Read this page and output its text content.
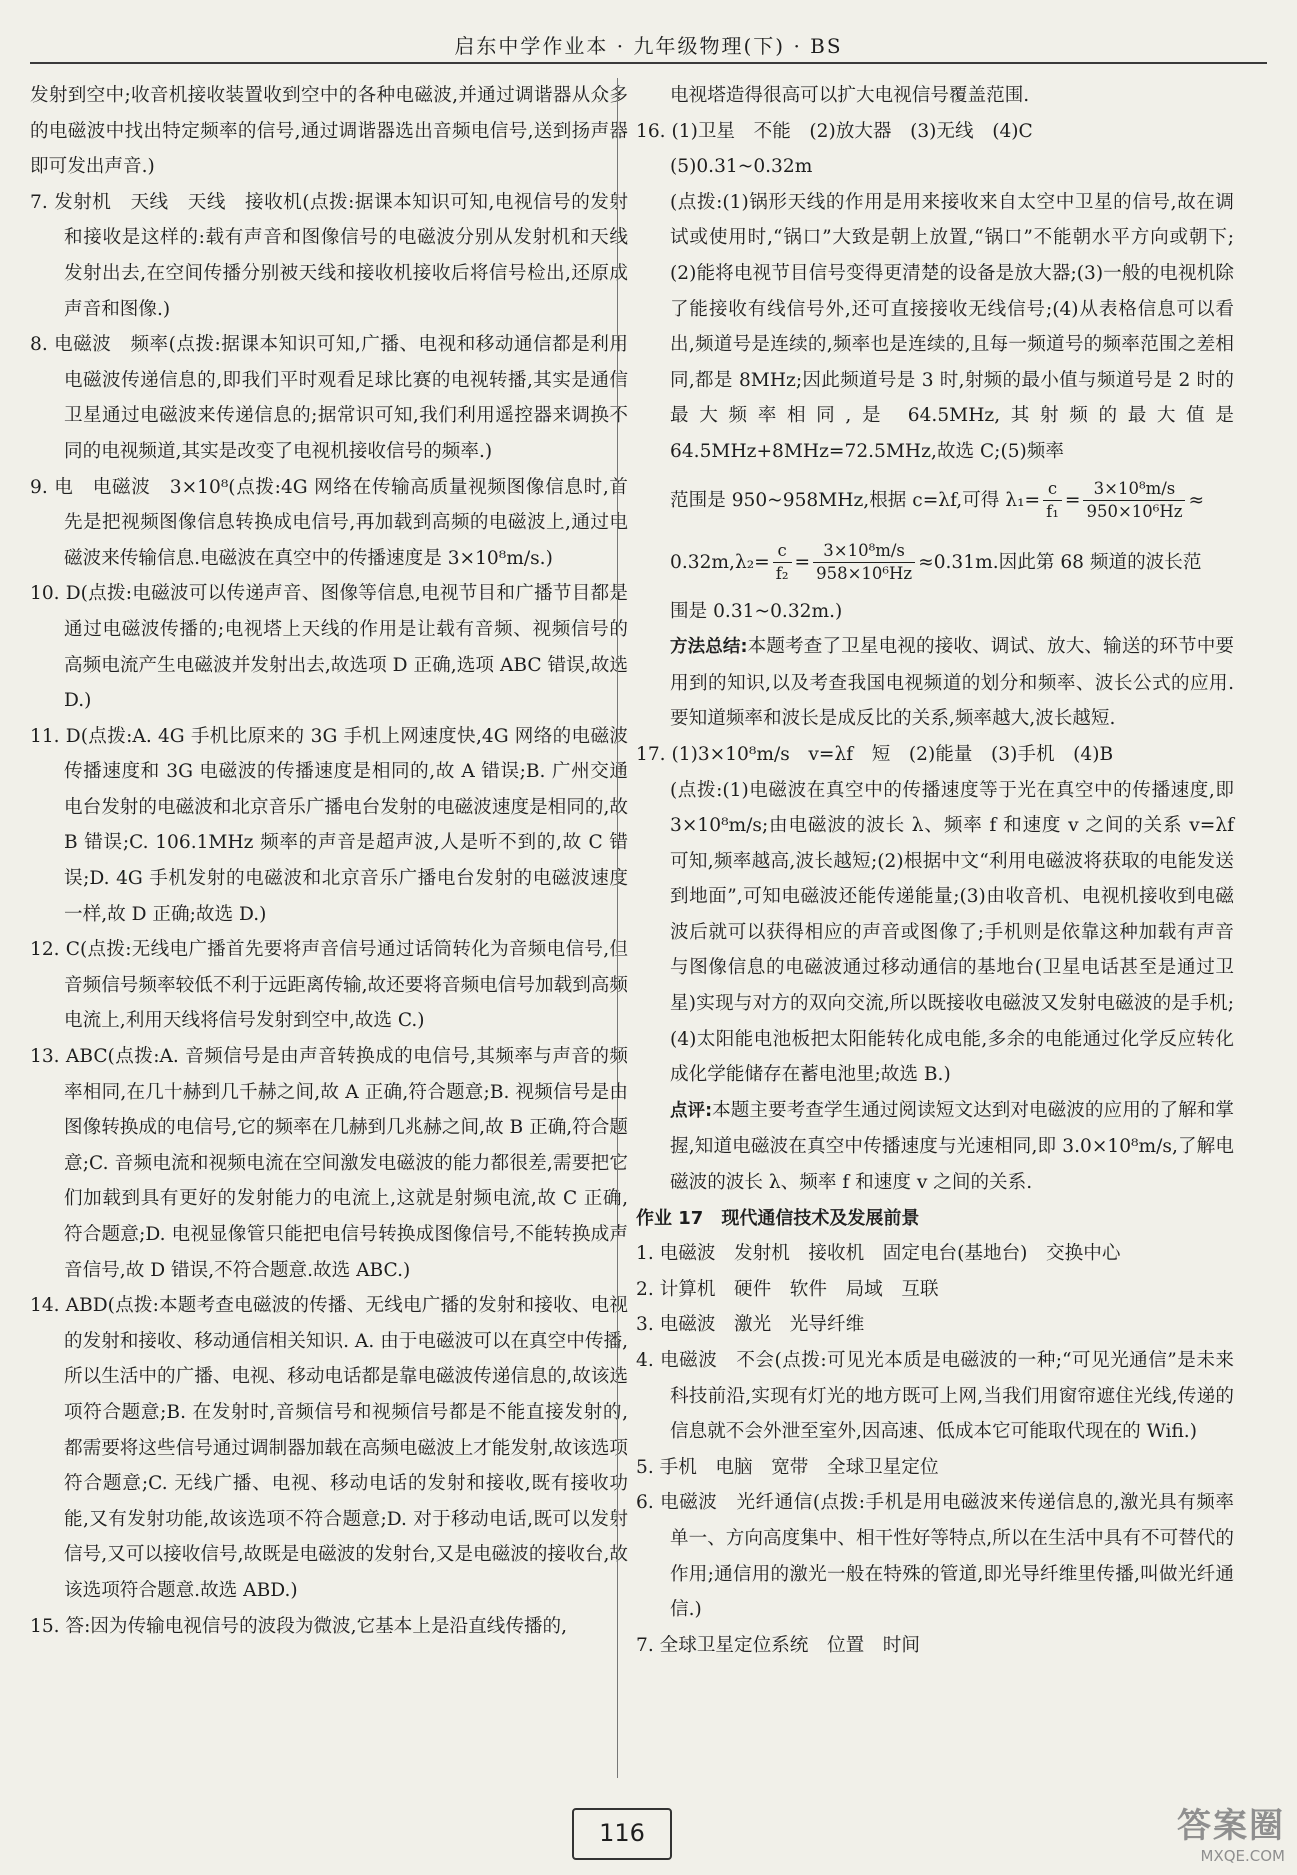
启东中学作业本 · 九年级物理(下) · BS

发射到空中;收音机接收装置收到空中的各种电磁波,并通过调谐器从众多的电磁波中找出特定频率的信号,通过调谐器选出音频电信号,送到扬声器即可发出声音.)

7. 发射机　天线　天线　接收机(点拨:据课本知识可知,电视信号的发射和接收是这样的:载有声音和图像信号的电磁波分别从发射机和天线发射出去,在空间传播分别被天线和接收机接收后将信号检出,还原成声音和图像.)

8. 电磁波　频率(点拨:据课本知识可知,广播、电视和移动通信都是利用电磁波传递信息的,即我们平时观看足球比赛的电视转播,其实是通信卫星通过电磁波来传递信息的;据常识可知,我们利用遥控器来调换不同的电视频道,其实是改变了电视机接收信号的频率.)

9. 电　电磁波　3×10⁸(点拨:4G 网络在传输高质量视频图像信息时,首先是把视频图像信息转换成电信号,再加载到高频的电磁波上,通过电磁波来传输信息.电磁波在真空中的传播速度是 3×10⁸m/s.)

10. D(点拨:电磁波可以传递声音、图像等信息,电视节目和广播节目都是通过电磁波传播的;电视塔上天线的作用是让载有音频、视频信号的高频电流产生电磁波并发射出去,故选项 D 正确,选项 ABC 错误,故选 D.)

11. D(点拨:A. 4G 手机比原来的 3G 手机上网速度快,4G 网络的电磁波传播速度和 3G 电磁波的传播速度是相同的,故 A 错误;B. 广州交通电台发射的电磁波和北京音乐广播电台发射的电磁波速度是相同的,故 B 错误;C. 106.1MHz 频率的声音是超声波,人是听不到的,故 C 错误;D. 4G 手机发射的电磁波和北京音乐广播电台发射的电磁波速度一样,故 D 正确;故选 D.)

12. C(点拨:无线电广播首先要将声音信号通过话筒转化为音频电信号,但音频信号频率较低不利于远距离传输,故还要将音频电信号加载到高频电流上,利用天线将信号发射到空中,故选 C.)

13. ABC(点拨:A. 音频信号是由声音转换成的电信号,其频率与声音的频率相同,在几十赫到几千赫之间,故 A 正确,符合题意;B. 视频信号是由图像转换成的电信号,它的频率在几赫到几兆赫之间,故 B 正确,符合题意;C. 音频电流和视频电流在空间激发电磁波的能力都很差,需要把它们加载到具有更好的发射能力的电流上,这就是射频电流,故 C 正确,符合题意;D. 电视显像管只能把电信号转换成图像信号,不能转换成声音信号,故 D 错误,不符合题意.故选 ABC.)

14. ABD(点拨:本题考查电磁波的传播、无线电广播的发射和接收、电视的发射和接收、移动通信相关知识. A. 由于电磁波可以在真空中传播,所以生活中的广播、电视、移动电话都是靠电磁波传递信息的,故该选项符合题意;B. 在发射时,音频信号和视频信号都是不能直接发射的,都需要将这些信号通过调制器加载在高频电磁波上才能发射,故该选项符合题意;C. 无线广播、电视、移动电话的发射和接收,既有接收功能,又有发射功能,故该选项不符合题意;D. 对于移动电话,既可以发射信号,又可以接收信号,故既是电磁波的发射台,又是电磁波的接收台,故该选项符合题意.故选 ABD.)

15. 答:因为传输电视信号的波段为微波,它基本上是沿直线传播的,

电视塔造得很高可以扩大电视信号覆盖范围.

16. (1)卫星　不能　(2)放大器　(3)无线　(4)C

(5)0.31~0.32m

(点拨:(1)锅形天线的作用是用来接收来自太空中卫星的信号,故在调试或使用时,“锅口”大致是朝上放置,“锅口”不能朝水平方向或朝下;(2)能将电视节目信号变得更清楚的设备是放大器;(3)一般的电视机除了能接收有线信号外,还可直接接收无线信号;(4)从表格信息可以看出,频道号是连续的,频率也是连续的,且每一频道号的频率范围之差相同,都是 8MHz;因此频道号是 3 时,射频的最小值与频道号是 2 时的最大频率相同,是 64.5MHz,其射频的最大值是 64.5MHz+8MHz=72.5MHz,故选 C;(5)频率

范围是 950~958MHz,根据 c=λf,可得 $\lambda_1= \frac{c}{\text{f₁}} = \frac{\text{3×10⁸m/s}}{\text{950×10⁶Hz}}$ ≈
$0.32m,\lambda_2= \frac{c}{\text{f₂}} = \frac{\text{3×10⁸m/s}}{\text{958×10⁶Hz}} \approx 0.31m$.因此第 68 频道的波长范

围是 0.31~0.32m.)

方法总结:本题考查了卫星电视的接收、调试、放大、输送的环节中要用到的知识,以及考查我国电视频道的划分和频率、波长公式的应用.要知道频率和波长是成反比的关系,频率越大,波长越短.

17. (1)3×10⁸m/s　v=λf　短　(2)能量　(3)手机　(4)B

(点拨:(1)电磁波在真空中的传播速度等于光在真空中的传播速度,即 3×10⁸m/s;由电磁波的波长 λ、频率 f 和速度 v 之间的关系 v=λf 可知,频率越高,波长越短;(2)根据中文“利用电磁波将获取的电能发送到地面”,可知电磁波还能传递能量;(3)由收音机、电视机接收到电磁波后就可以获得相应的声音或图像了;手机则是依靠这种加载有声音与图像信息的电磁波通过移动通信的基地台(卫星电话甚至是通过卫星)实现与对方的双向交流,所以既接收电磁波又发射电磁波的是手机;(4)太阳能电池板把太阳能转化成电能,多余的电能通过化学反应转化成化学能储存在蓄电池里;故选 B.)

点评:本题主要考查学生通过阅读短文达到对电磁波的应用的了解和掌握,知道电磁波在真空中传播速度与光速相同,即 3.0×10⁸m/s,了解电磁波的波长 λ、频率 f 和速度 v 之间的关系.

作业 17　现代通信技术及发展前景

1. 电磁波　发射机　接收机　固定电台(基地台)　交换中心

2. 计算机　硬件　软件　局域　互联

3. 电磁波　激光　光导纤维

4. 电磁波　不会(点拨:可见光本质是电磁波的一种;“可见光通信”是未来科技前沿,实现有灯光的地方既可上网,当我们用窗帘遮住光线,传递的信息就不会外泄至室外,因高速、低成本它可能取代现在的 Wifi.)

5. 手机　电脑　宽带　全球卫星定位

6. 电磁波　光纤通信(点拨:手机是用电磁波来传递信息的,激光具有频率单一、方向高度集中、相干性好等特点,所以在生活中具有不可替代的作用;通信用的激光一般在特殊的管道,即光导纤维里传播,叫做光纤通信.)

7. 全球卫星定位系统　位置　时间

116	答案圈
MXQE.COM
